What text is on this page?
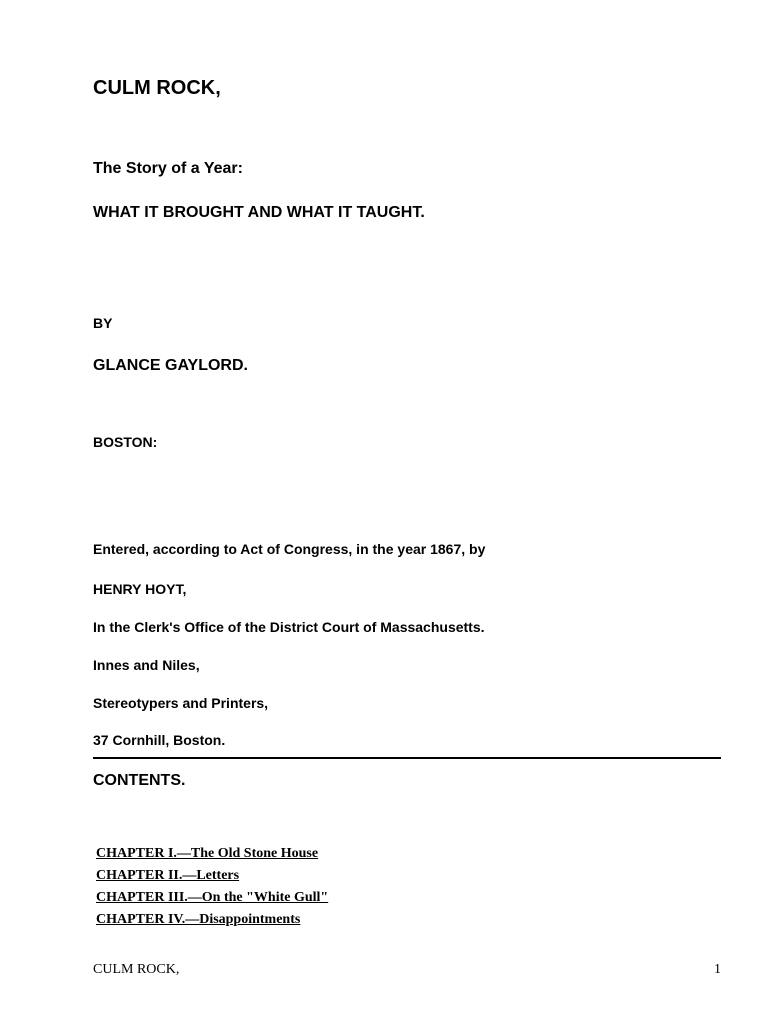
CULM ROCK,
The Story of a Year:
WHAT IT BROUGHT AND WHAT IT TAUGHT.

BY

GLANCE GAYLORD.

BOSTON:

Entered, according to Act of Congress, in the year 1867, by

HENRY HOYT,

In the Clerk's Office of the District Court of Massachusetts.

Innes and Niles,

Stereotypers and Printers,

37 Cornhill, Boston.

CONTENTS.
CHAPTER I.—The Old Stone House
CHAPTER II.—Letters
CHAPTER III.—On the "White Gull"
CHAPTER IV.—Disappointments
CULM ROCK,	1
